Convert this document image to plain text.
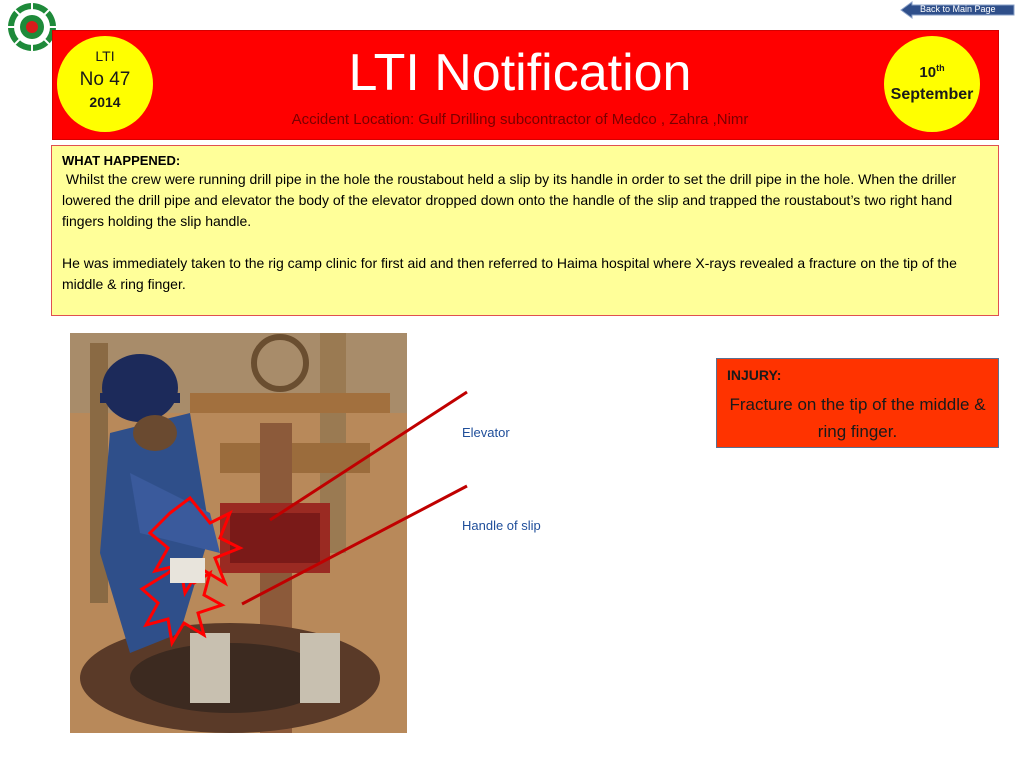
Back to Main Page
LTI
No 47
2014	LTI Notification
Accident Location: Gulf Drilling subcontractor of Medco , Zahra ,Nimr
10th
September
WHAT HAPPENED:

Whilst the crew were running drill pipe in the hole the roustabout held a slip by its handle in order to set the drill pipe in the hole. When the driller lowered the drill pipe and elevator the body of the elevator dropped down onto the handle of the slip and trapped the roustabout’s two right hand fingers holding the slip handle.

He was immediately taken to the rig camp clinic for first aid and then referred to Haima hospital where X-rays revealed a fracture on the tip of the middle & ring finger.

Elevator
Handle of slip
INJURY:
Fracture on the tip of the middle & ring finger.
